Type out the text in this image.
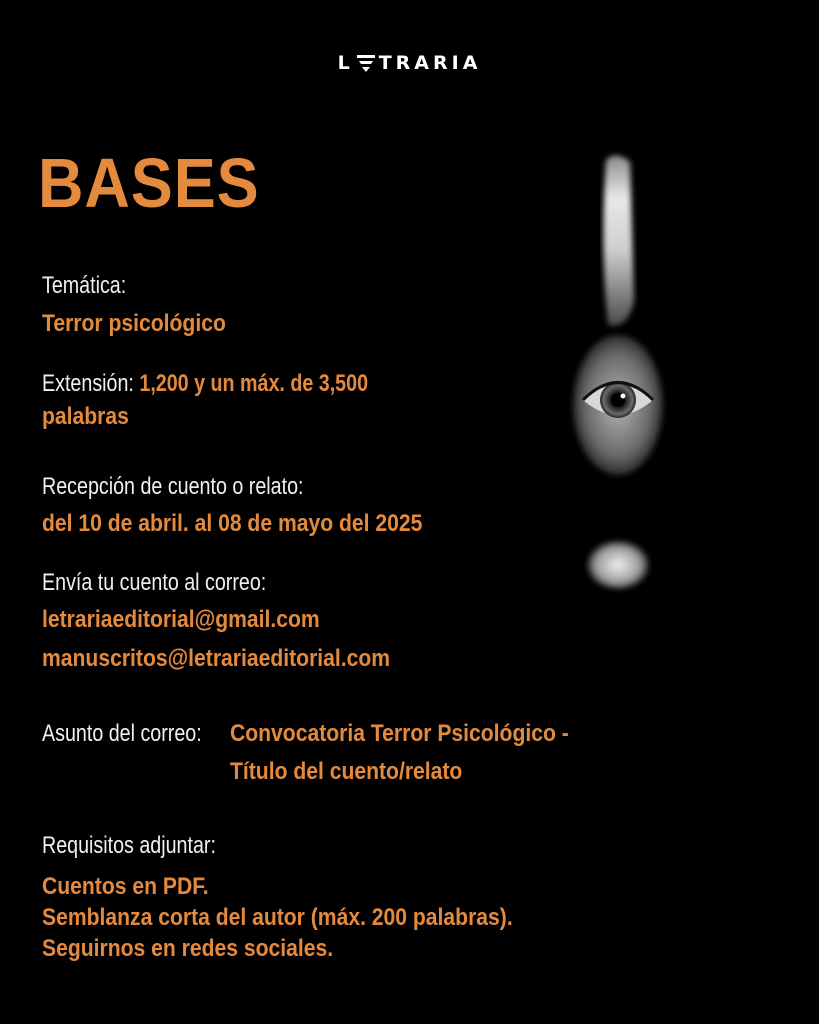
L TRARIA
BASES
Temática:
Terror psicológico
Extensión: 1,200 y un máx. de 3,500
palabras
Recepción de cuento o relato:
del 10 de abril. al 08 de mayo del 2025
Envía tu cuento al correo:
letrariaeditorial@gmail.com
manuscritos@letrariaeditorial.com
Asunto del correo: Convocatoria Terror Psicológico -
Título del cuento/relato
Requisitos adjuntar:
Cuentos en PDF.
Semblanza corta del autor (máx. 200 palabras).
Seguirnos en redes sociales.
